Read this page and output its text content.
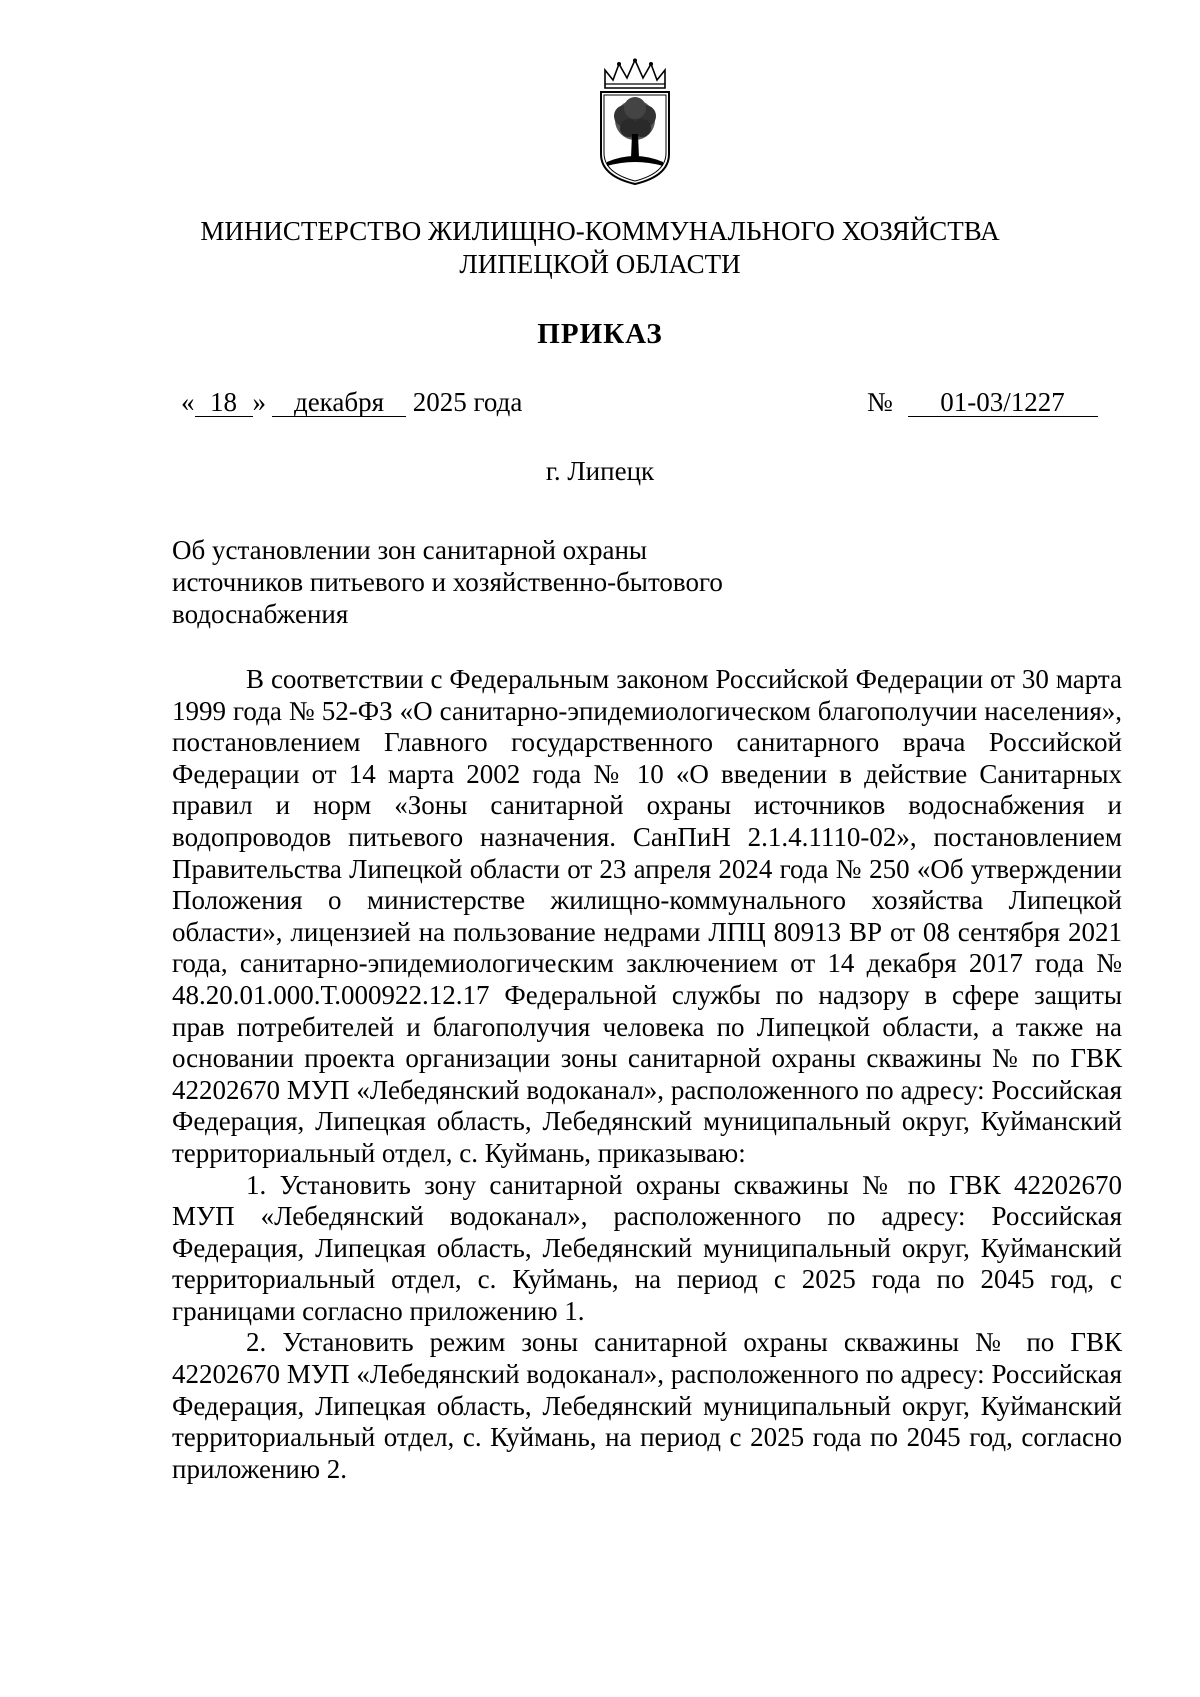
МИНИСТЕРСТВО ЖИЛИЩНО-КОММУНАЛЬНОГО ХОЗЯЙСТВА
ЛИПЕЦКОЙ ОБЛАСТИ
ПРИКАЗ
« 18 » декабря 2025 года	№ 01-03/1227
г. Липецк
Об установлении зон санитарной охраны
источников питьевого и хозяйственно-бытового
водоснабжения

В соответствии с Федеральным законом Российской Федерации от 30 марта 1999 года № 52-ФЗ «О санитарно-эпидемиологическом благополучии населения», постановлением Главного государственного санитарного врача Российской Федерации от 14 марта 2002 года № 10 «О введении в действие Санитарных правил и норм «Зоны санитарной охраны источников водоснабжения и водопроводов питьевого назначения. СанПиН 2.1.4.1110-02», постановлением Правительства Липецкой области от 23 апреля 2024 года № 250 «Об утверждении Положения о министерстве жилищно-коммунального хозяйства Липецкой области», лицензией на пользование недрами ЛПЦ 80913 ВР от 08 сентября 2021 года, санитарно-эпидемиологическим заключением от 14 декабря 2017 года № 48.20.01.000.Т.000922.12.17 Федеральной службы по надзору в сфере защиты прав потребителей и благополучия человека по Липецкой области, а также на основании проекта организации зоны санитарной охраны скважины № по ГВК 42202670 МУП «Лебедянский водоканал», расположенного по адресу: Российская Федерация, Липецкая область, Лебедянский муниципальный округ, Куйманский территориальный отдел, с. Куймань, приказываю:

1. Установить зону санитарной охраны скважины № по ГВК 42202670 МУП «Лебедянский водоканал», расположенного по адресу: Российская Федерация, Липецкая область, Лебедянский муниципальный округ, Куйманский территориальный отдел, с. Куймань, на период с 2025 года по 2045 год, с границами согласно приложению 1.

2. Установить режим зоны санитарной охраны скважины № по ГВК 42202670 МУП «Лебедянский водоканал», расположенного по адресу: Российская Федерация, Липецкая область, Лебедянский муниципальный округ, Куйманский территориальный отдел, с. Куймань, на период с 2025 года по 2045 год, согласно приложению 2.
